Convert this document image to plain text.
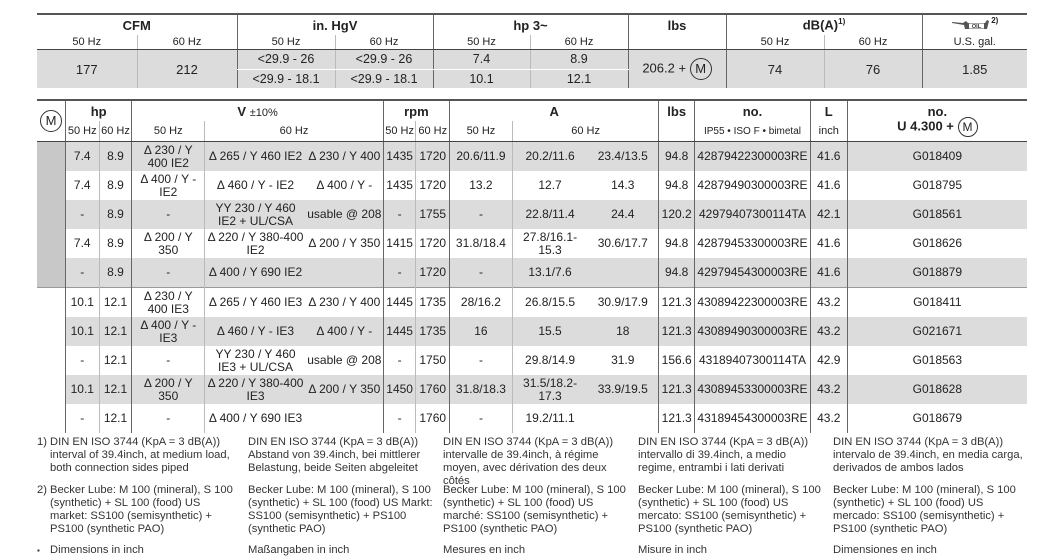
CFM		in. HgV		hp 3~		lbs	$dB(A)^{1)}$		OIL
$^{2)}$
50 Hz	60 Hz	50 Hz	60 Hz	50 Hz	60 Hz		50 Hz	60 Hz	U.S. gal.
177	212	<29.9 - 26	<29.9 - 26	7.4	8.9	206.2 + M	74	76	1.85
		<29.9 - 18.1	<29.9 - 18.1	10.1	12.1				
M	hp		V ±10%			rpm		A			lbs	no.	L	no.
	50 Hz	60 Hz	50 Hz	60 Hz		50 Hz	60 Hz	50 Hz	60 Hz			IP55 • ISO F • bimetal	inch	U 4.300 + M
	7.4	8.9	Δ 230 / Y 400 IE2	Δ 265 / Y 460 IE2	Δ 230 / Y 400	1435	1720	20.6/11.9	20.2/11.6	23.4/13.5	94.8	42879422300003RE	41.6	G018409
	7.4	8.9	Δ 400 / Y - IE2	Δ 460 / Y - IE2	Δ 400 / Y -	1435	1720	13.2	12.7	14.3	94.8	42879490300003RE	41.6	G018795
	-	8.9	-	YY 230 / Y 460 IE2 + UL/CSA	usable @ 208	-	1755	-	22.8/11.4	24.4	120.2	42979407300114TA	42.1	G018561
	7.4	8.9	Δ 200 / Y 350	Δ 220 / Y 380-400 IE2	Δ 200 / Y 350	1415	1720	31.8/18.4	27.8/16.1-15.3	30.6/17.7	94.8	42879453300003RE	41.6	G018626
	-	8.9	-	Δ 400 / Y 690 IE2		-	1720	-	13.1/7.6		94.8	42979454300003RE	41.6	G018879
	10.1	12.1	Δ 230 / Y 400 IE3	Δ 265 / Y 460 IE3	Δ 230 / Y 400	1445	1735	28/16.2	26.8/15.5	30.9/17.9	121.3	43089422300003RE	43.2	G018411
	10.1	12.1	Δ 400 / Y - IE3	Δ 460 / Y - IE3	Δ 400 / Y -	1445	1735	16	15.5	18	121.3	43089490300003RE	43.2	G021671
	-	12.1	-	YY 230 / Y 460 IE3 + UL/CSA	usable @ 208	-	1750	-	29.8/14.9	31.9	156.6	43189407300114TA	42.9	G018563
	10.1	12.1	Δ 200 / Y 350	Δ 220 / Y 380-400 IE3	Δ 200 / Y 350	1450	1760	31.8/18.3	31.5/18.2-17.3	33.9/19.5	121.3	43089453300003RE	43.2	G018628
	-	12.1	-	Δ 400 / Y 690 IE3		-	1760	-	19.2/11.1		121.3	43189454300003RE	43.2	G018679
1) DIN EN ISO 3744 (KpA = 3 dB(A)) interval of 39.4inch, at medium load, both connection sides piped
DIN EN ISO 3744 (KpA = 3 dB(A)) Abstand von 39.4inch, bei mittlerer Belastung, beide Seiten abgeleitet
DIN EN ISO 3744 (KpA = 3 dB(A)) intervalle de 39.4inch, à régime moyen, avec dérivation des deux côtés
DIN EN ISO 3744 (KpA = 3 dB(A)) intervallo di 39.4inch, a medio regime, entrambi i lati derivati
DIN EN ISO 3744 (KpA = 3 dB(A)) intervalo de 39.4inch, en media carga, derivados de ambos lados
2) Becker Lube: M 100 (mineral), S 100 (synthetic) + SL 100 (food) US market: SS100 (semisynthetic) + PS100 (synthetic PAO)
Becker Lube: M 100 (mineral), S 100 (synthetic) + SL 100 (food) US Markt: SS100 (semisynthetic) + PS100 (synthetic PAO)
Becker Lube: M 100 (mineral), S 100 (synthetic) + SL 100 (food) US marché: SS100 (semisynthetic) + PS100 (synthetic PAO)
Becker Lube: M 100 (mineral), S 100 (synthetic) + SL 100 (food) US mercato: SS100 (semisynthetic) + PS100 (synthetic PAO)
Becker Lube: M 100 (mineral), S 100 (synthetic) + SL 100 (food) US mercado: SS100 (semisynthetic) + PS100 (synthetic PAO)
▪ Dimensions in inch	Maßangaben in inch	Mesures en inch	Misure in inch	Dimensiones en inch
